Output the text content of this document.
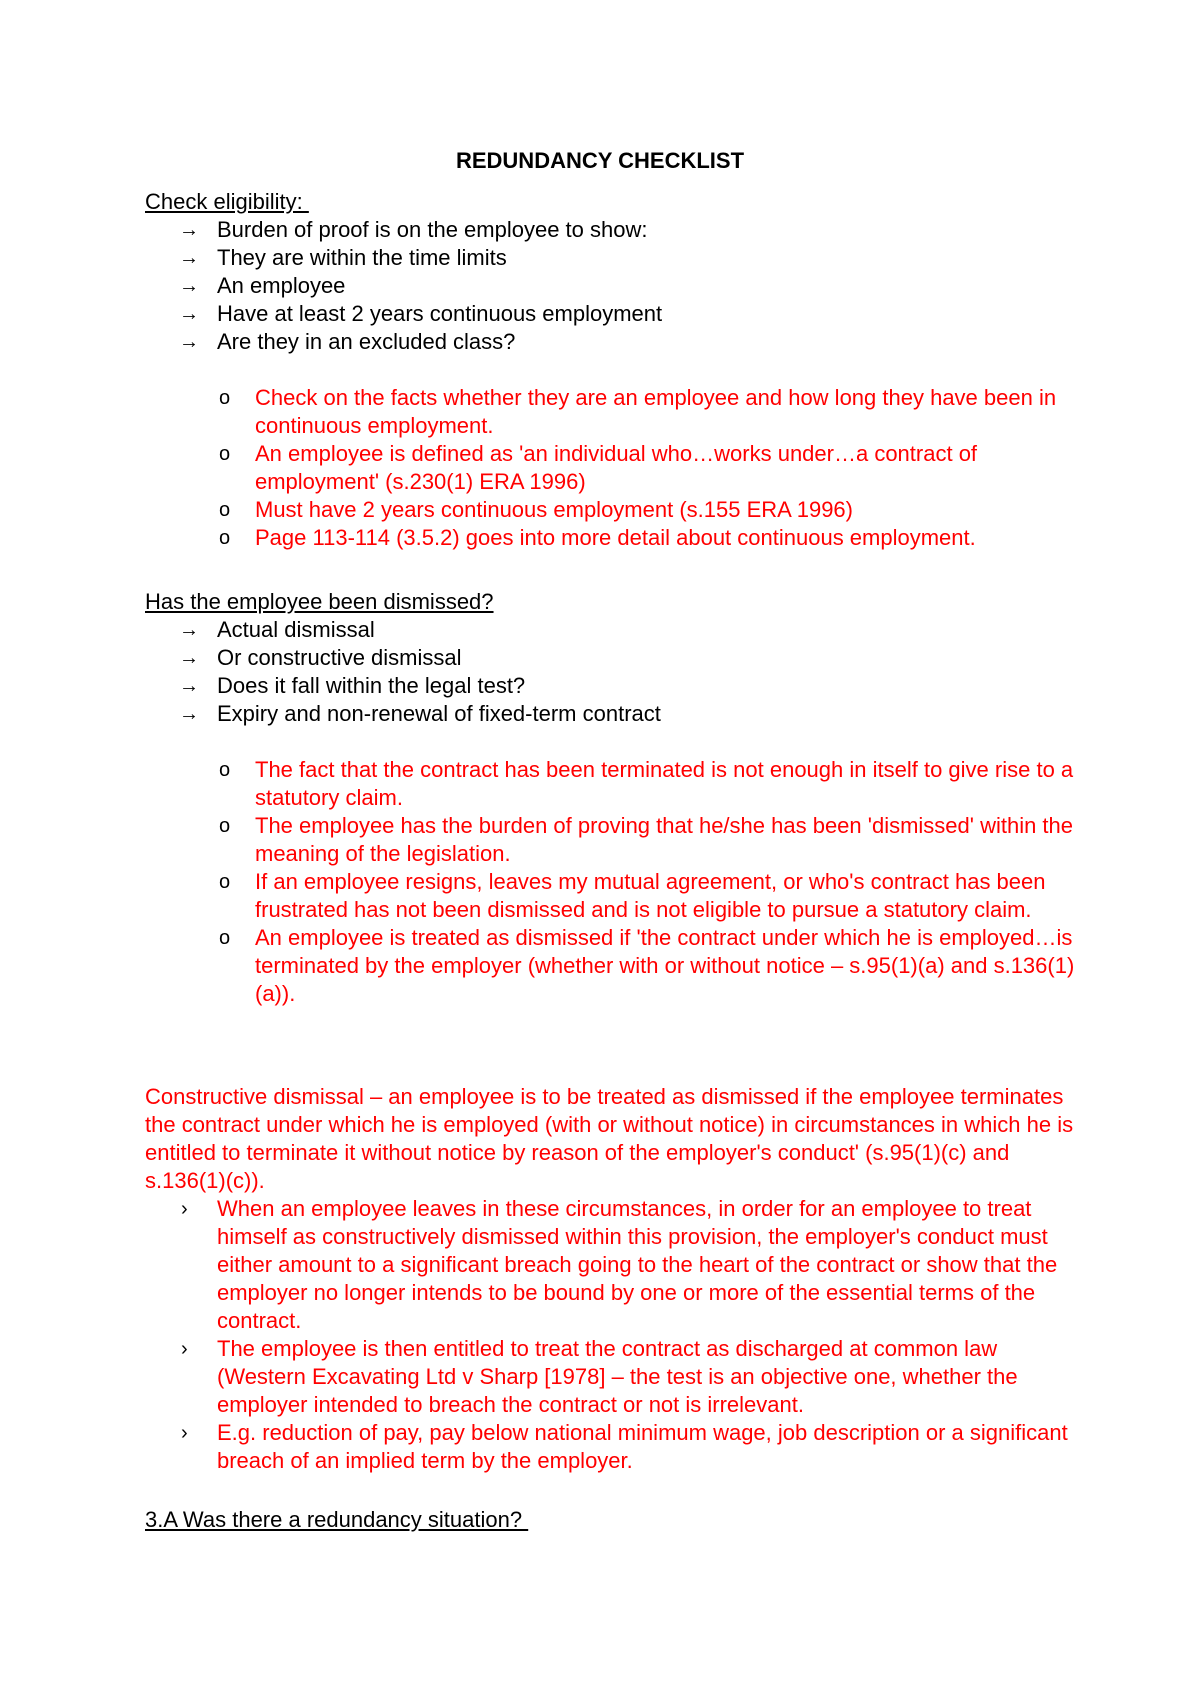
REDUNDANCY CHECKLIST
Check eligibility:
→ Burden of proof is on the employee to show:
→ They are within the time limits
→ An employee
→ Have at least 2 years continuous employment
→ Are they in an excluded class?
o	Check on the facts whether they are an employee and how long they have been in continuous employment.
o	An employee is defined as 'an individual who…works under…a contract of employment' (s.230(1) ERA 1996)
o	Must have 2 years continuous employment (s.155 ERA 1996)
o	Page 113-114 (3.5.2) goes into more detail about continuous employment.
Has the employee been dismissed?
→ Actual dismissal
→ Or constructive dismissal
→ Does it fall within the legal test?
→ Expiry and non-renewal of fixed-term contract
o	The fact that the contract has been terminated is not enough in itself to give rise to a statutory claim.
o	The employee has the burden of proving that he/she has been 'dismissed' within the meaning of the legislation.
o	If an employee resigns, leaves my mutual agreement, or who's contract has been frustrated has not been dismissed and is not eligible to pursue a statutory claim.
o	An employee is treated as dismissed if 'the contract under which he is employed…is terminated by the employer (whether with or without notice – s.95(1)(a) and s.136(1)(a)).
Constructive dismissal – an employee is to be treated as dismissed if the employee terminates the contract under which he is employed (with or without notice) in circumstances in which he is entitled to terminate it without notice by reason of the employer's conduct' (s.95(1)(c) and s.136(1)(c)).
›	When an employee leaves in these circumstances, in order for an employee to treat himself as constructively dismissed within this provision, the employer's conduct must either amount to a significant breach going to the heart of the contract or show that the employer no longer intends to be bound by one or more of the essential terms of the contract.
›	The employee is then entitled to treat the contract as discharged at common law (Western Excavating Ltd v Sharp [1978] – the test is an objective one, whether the employer intended to breach the contract or not is irrelevant.
›	E.g. reduction of pay, pay below national minimum wage, job description or a significant breach of an implied term by the employer.
3.A Was there a redundancy situation?
